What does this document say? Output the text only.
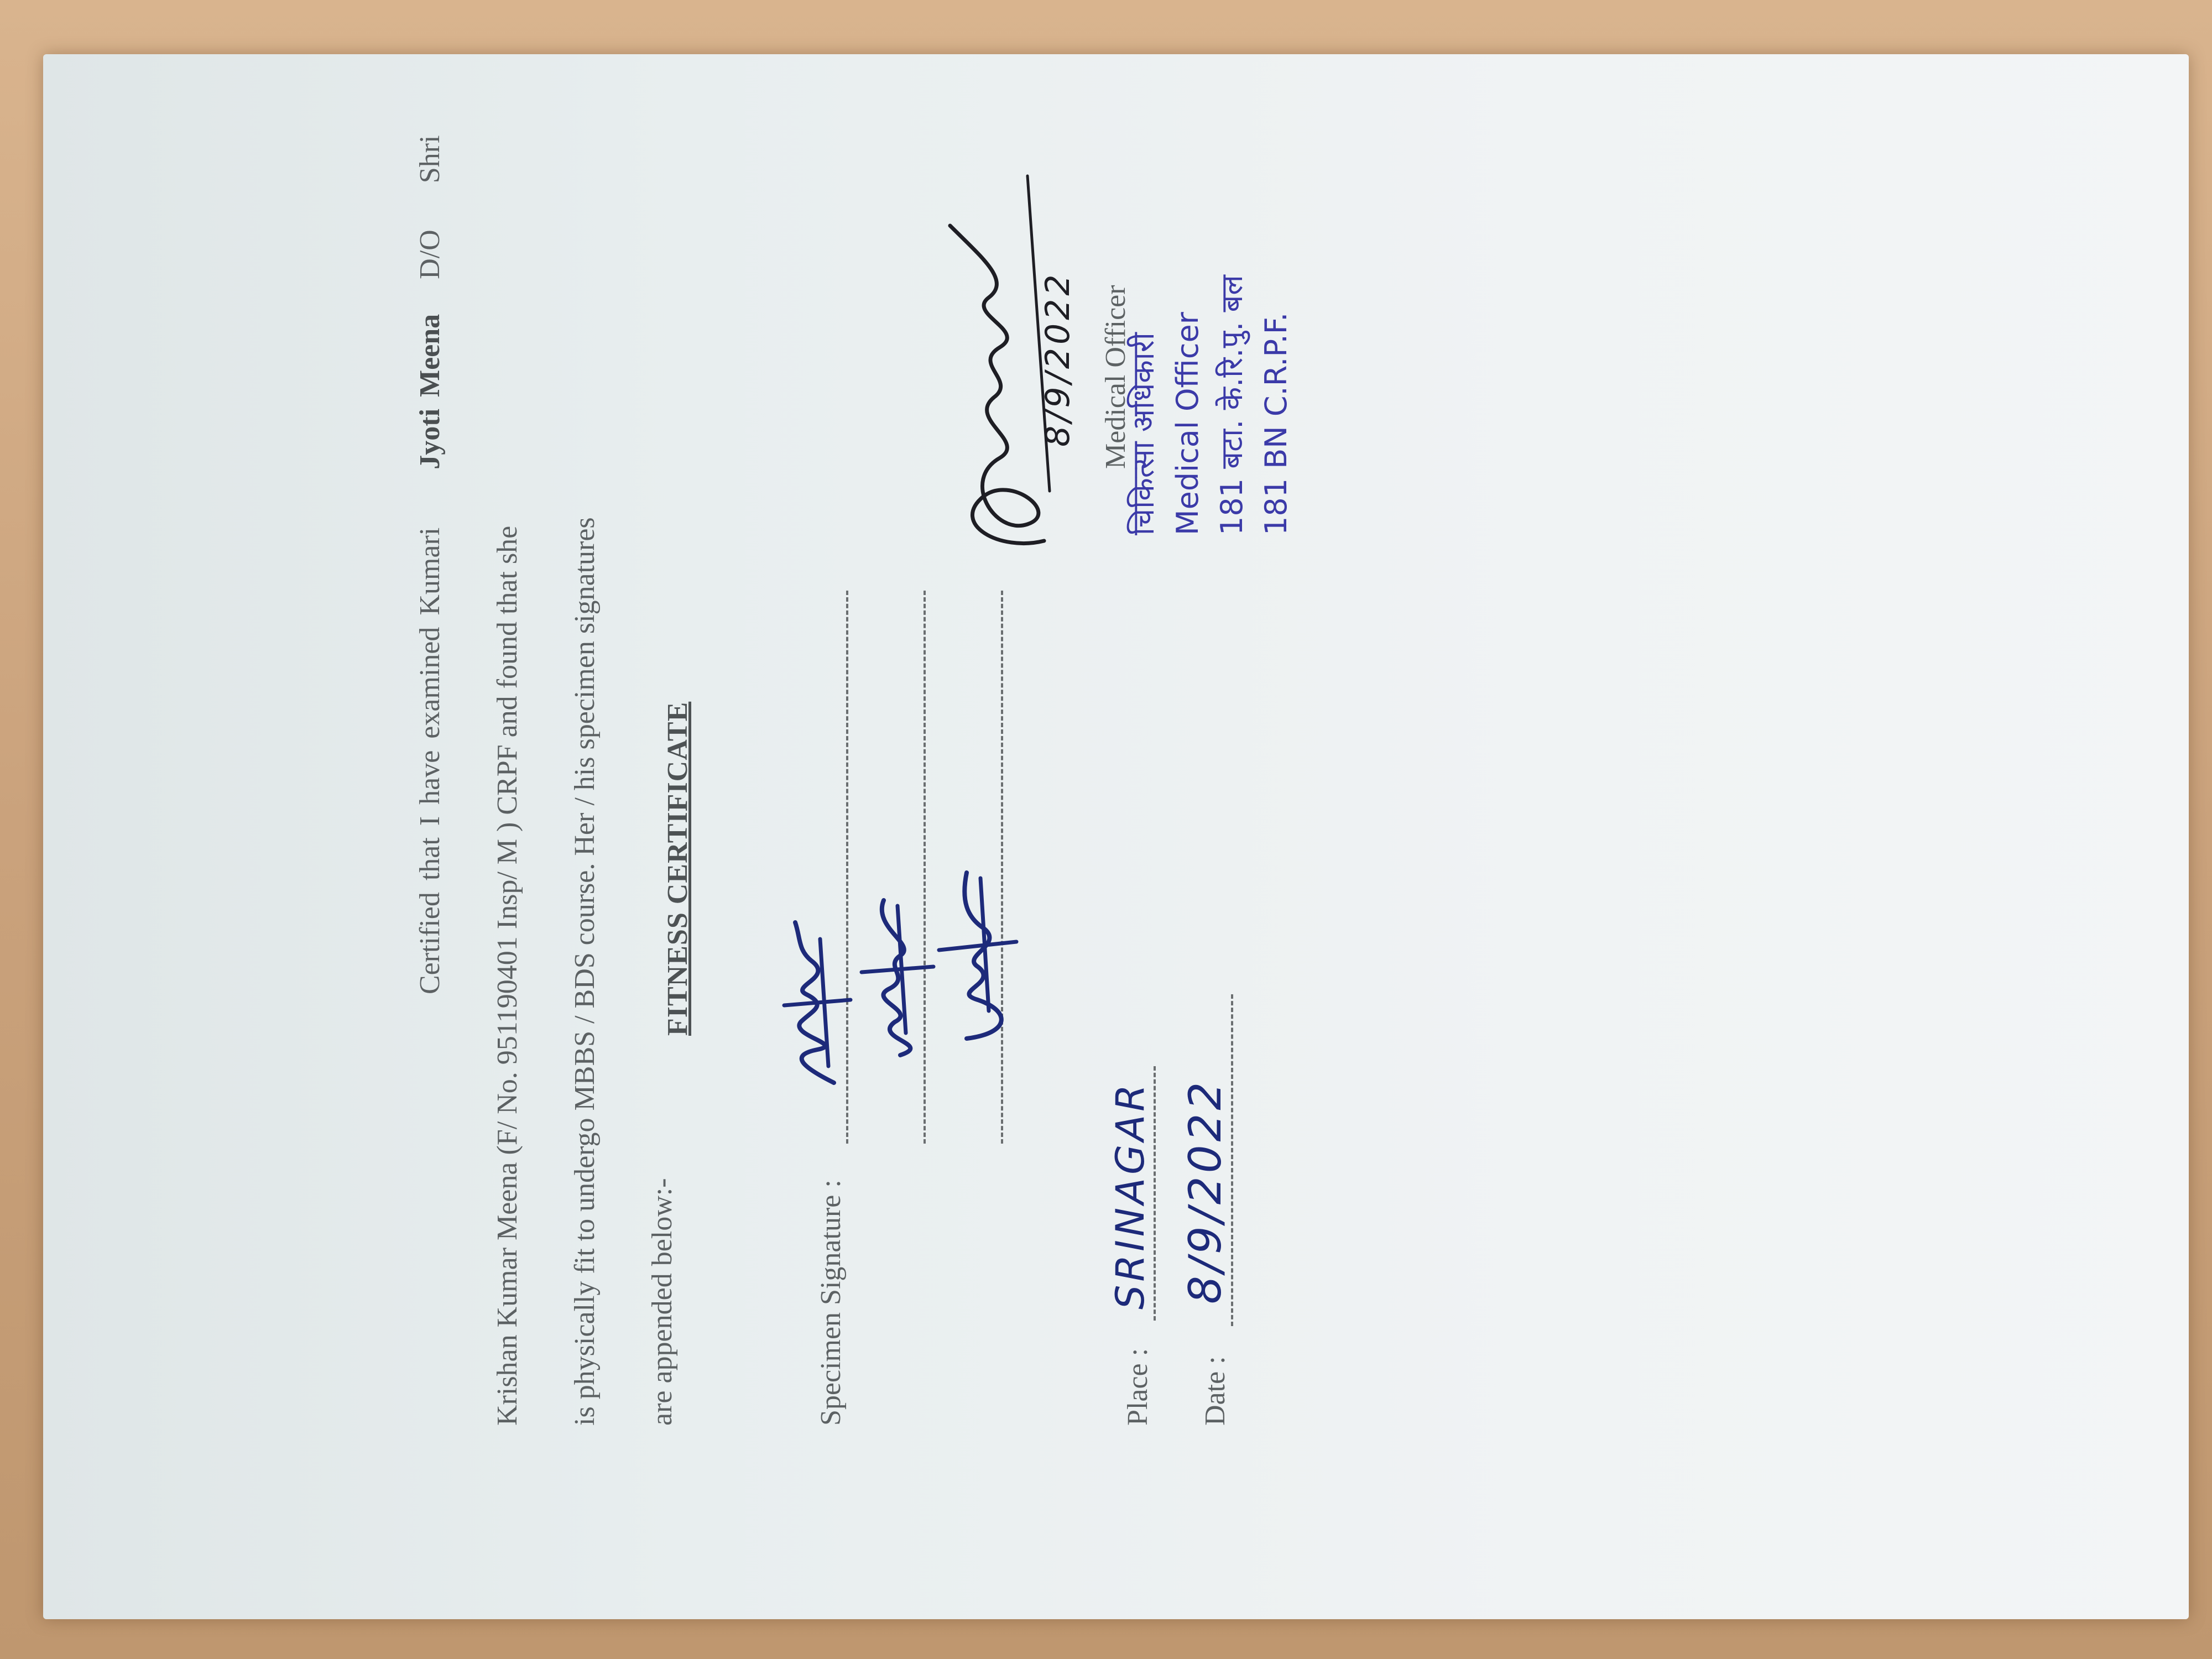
FITNESS CERTIFICATE
Certified that I have examined Kumari     Jyoti Meena   D/O    Shri
Krishan Kumar Meena (F/ No. 951190401 Insp/ M ) CRPF and found that she is physically fit to undergo MBBS / BDS course. Her / his specimen signatures are appended below:-	Specimen Signature :
8/9/2022 Medical Officer
चिकित्सा अधिकारी Medical Officer 181 बटा. के.रि.पु. बल 181 BN C.R.P.F.
Place :
SRINAGAR
Date :
8/9/2022
